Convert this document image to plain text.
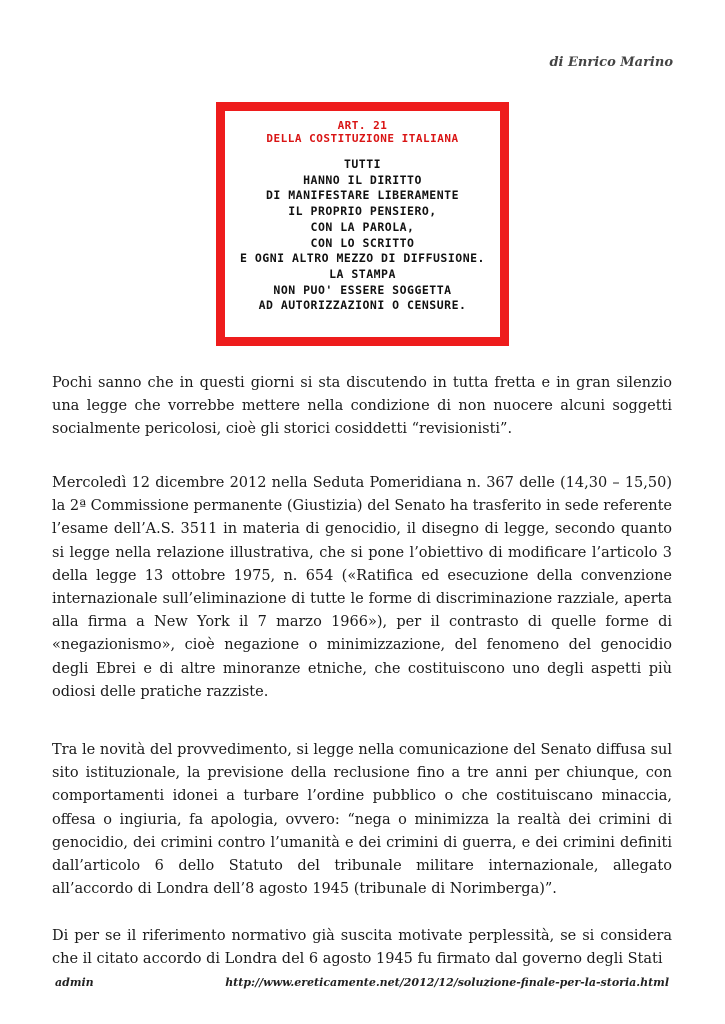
di Enrico Marino
ART. 21
DELLA COSTITUZIONE ITALIANA
TUTTI
HANNO IL DIRITTO
DI MANIFESTARE LIBERAMENTE
IL PROPRIO PENSIERO,
CON LA PAROLA,
CON LO SCRITTO
E OGNI ALTRO MEZZO DI DIFFUSIONE.
LA STAMPA
NON PUO' ESSERE SOGGETTA
AD AUTORIZZAZIONI O CENSURE.

Pochi sanno che in questi giorni si sta discutendo in tutta fretta e in gran silenzio una legge che vorrebbe mettere nella condizione di non nuocere alcuni soggetti socialmente pericolosi, cioè gli storici cosiddetti “revisionisti”.

Mercoledì 12 dicembre 2012 nella Seduta Pomeridiana n. 367 delle (14,30 – 15,50) la 2ª Commissione permanente (Giustizia) del Senato ha trasferito in sede referente l’esame dell’A.S. 3511 in materia di genocidio, il disegno di legge, secondo quanto si legge nella relazione illustrativa, che si pone l’obiettivo di modificare l’articolo 3 della legge 13 ottobre 1975, n. 654 («Ratifica ed esecuzione della convenzione internazionale sull’eliminazione di tutte le forme di discriminazione razziale, aperta alla firma a New York il 7 marzo 1966»), per il contrasto di quelle forme di «negazionismo», cioè negazione o minimizzazione, del fenomeno del genocidio degli Ebrei e di altre minoranze etniche, che costituiscono uno degli aspetti più odiosi delle pratiche razziste.

Tra le novità del provvedimento, si legge nella comunicazione del Senato diffusa sul sito istituzionale, la previsione della reclusione fino a tre anni per chiunque, con comportamenti idonei a turbare l’ordine pubblico o che costituiscano minaccia, offesa o ingiuria, fa apologia, ovvero: “nega o minimizza la realtà dei crimini di genocidio, dei crimini contro l’umanità e dei crimini di guerra, e dei crimini definiti dall’articolo 6 dello Statuto del tribunale militare internazionale, allegato all’accordo di Londra dell’8 agosto 1945 (tribunale di Norimberga)”.

Di per se il riferimento normativo già suscita motivate perplessità, se si considera che il citato accordo di Londra del 6 agosto 1945 fu firmato dal governo degli Stati

admin	http://www.ereticamente.net/2012/12/soluzione-finale-per-la-storia.html
